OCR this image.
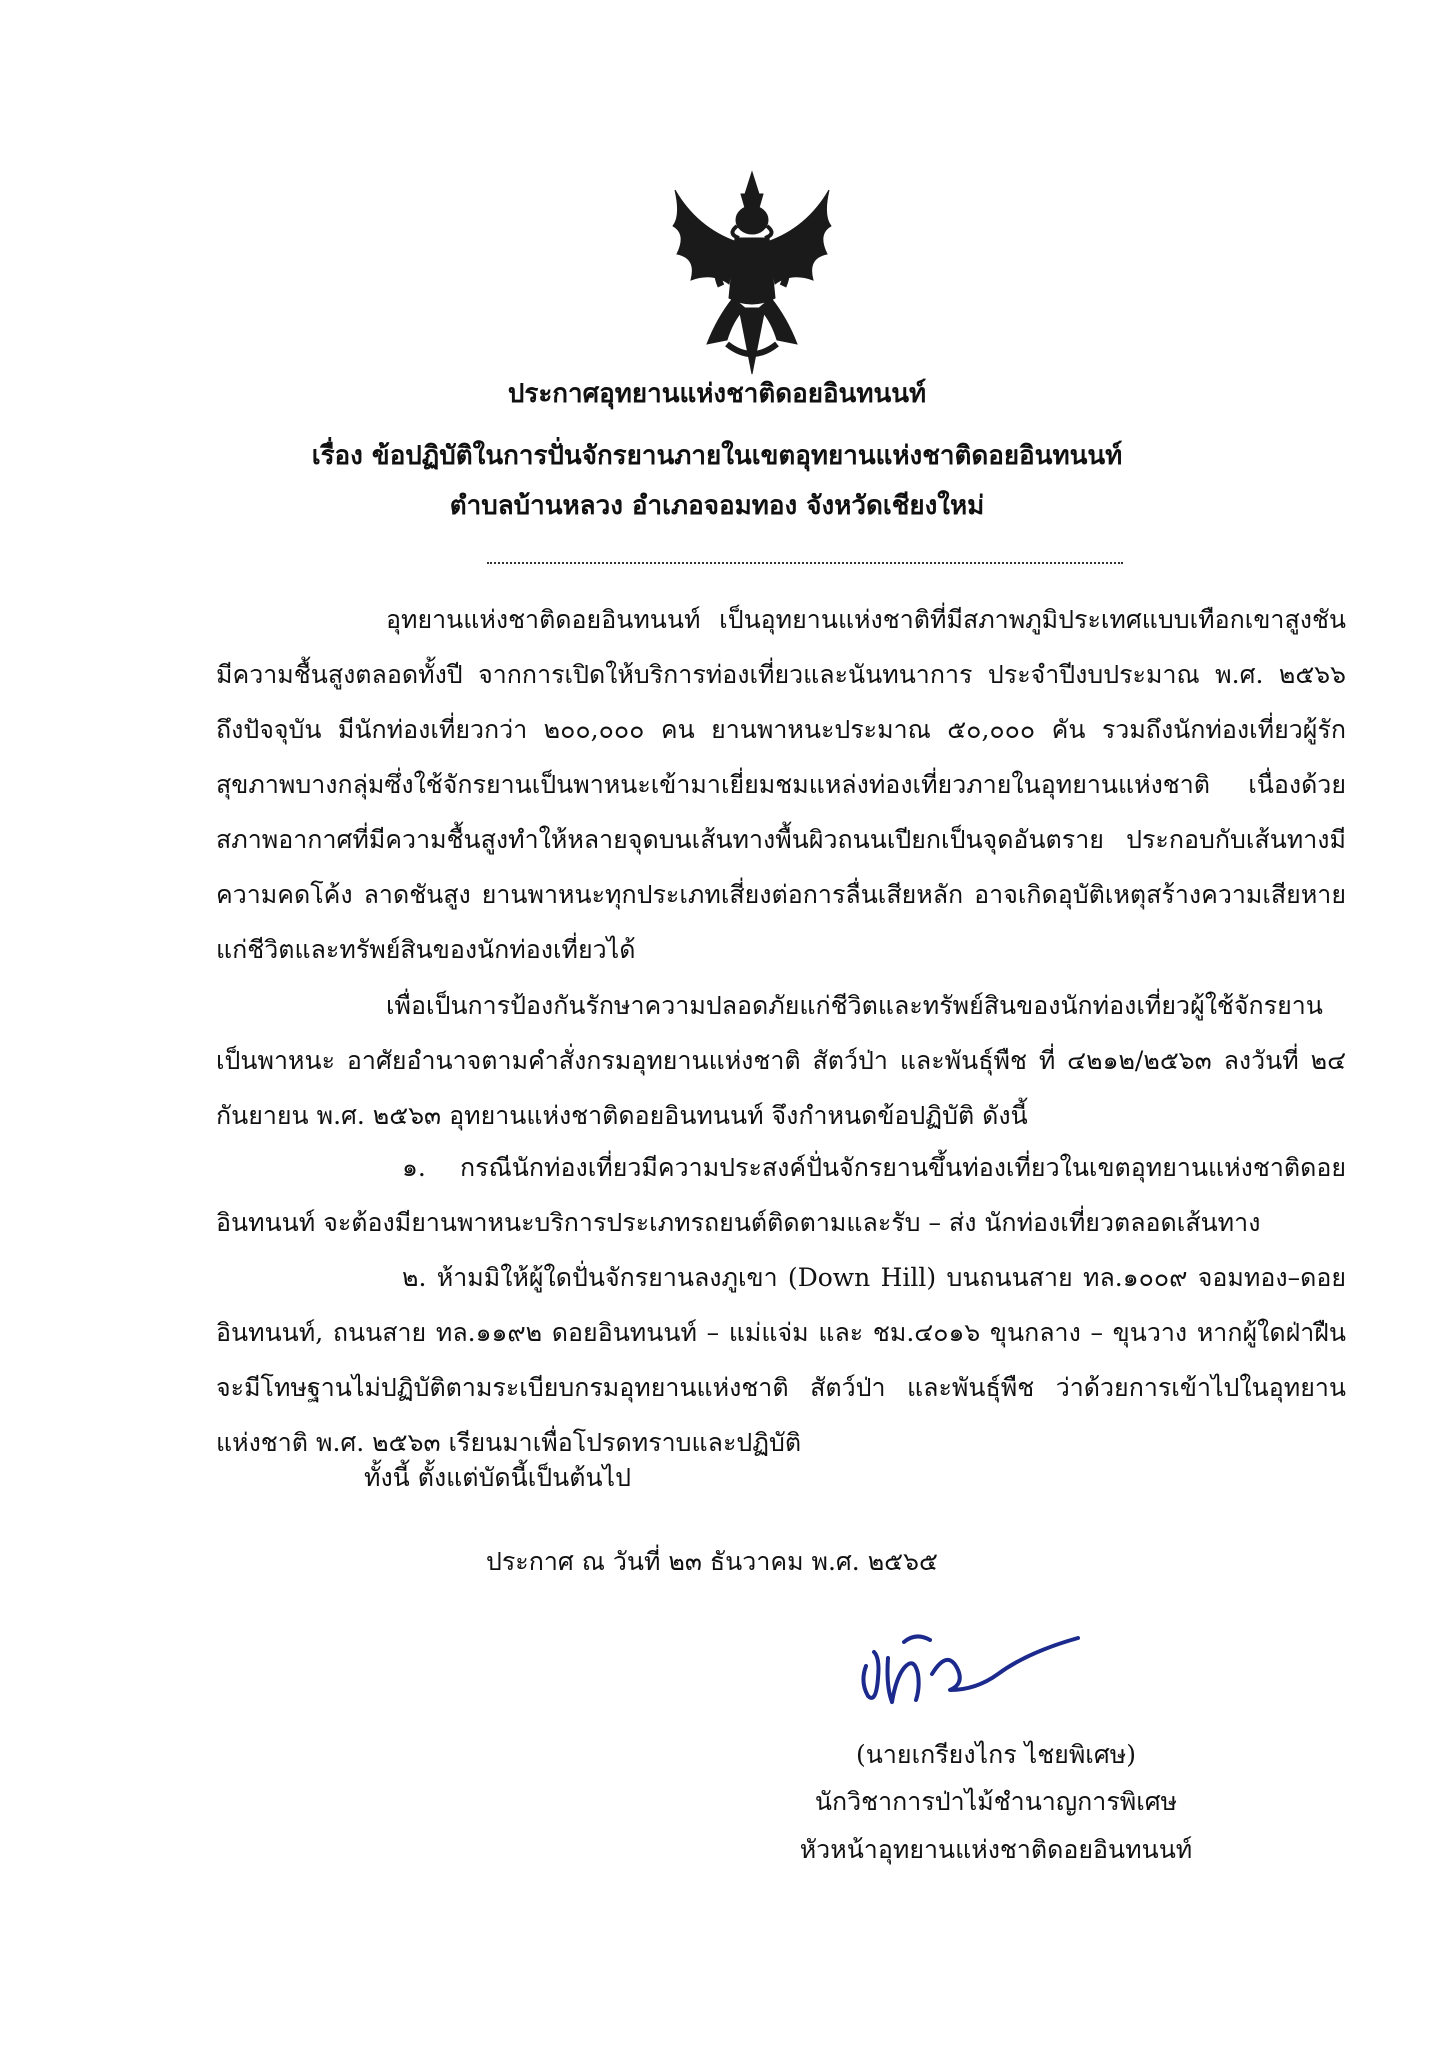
ประกาศอุทยานแห่งชาติดอยอินทนนท์
เรื่อง ข้อปฏิบัติในการปั่นจักรยานภายในเขตอุทยานแห่งชาติดอยอินทนนท์
ตำบลบ้านหลวง อำเภอจอมทอง จังหวัดเชียงใหม่

อุทยานแห่งชาติดอยอินทนนท์ เป็นอุทยานแห่งชาติที่มีสภาพภูมิประเทศแบบเทือกเขาสูงชัน มีความชื้นสูงตลอดทั้งปี จากการเปิดให้บริการท่องเที่ยวและนันทนาการ ประจำปีงบประมาณ พ.ศ. ๒๕๖๖ ถึงปัจจุบัน มีนักท่องเที่ยวกว่า ๒๐๐,๐๐๐ คน ยานพาหนะประมาณ ๕๐,๐๐๐ คัน รวมถึงนักท่องเที่ยวผู้รักสุขภาพบางกลุ่มซึ่งใช้จักรยานเป็นพาหนะเข้ามาเยี่ยมชมแหล่งท่องเที่ยวภายในอุทยานแห่งชาติ เนื่องด้วยสภาพอากาศที่มีความชื้นสูงทำให้หลายจุดบนเส้นทางพื้นผิวถนนเปียกเป็นจุดอันตราย ประกอบกับเส้นทางมีความคดโค้ง ลาดชันสูง ยานพาหนะทุกประเภทเสี่ยงต่อการลื่นเสียหลัก อาจเกิดอุบัติเหตุสร้างความเสียหายแก่ชีวิตและทรัพย์สินของนักท่องเที่ยวได้

เพื่อเป็นการป้องกันรักษาความปลอดภัยแก่ชีวิตและทรัพย์สินของนักท่องเที่ยวผู้ใช้จักรยานเป็นพาหนะ อาศัยอำนาจตามคำสั่งกรมอุทยานแห่งชาติ สัตว์ป่า และพันธุ์พืช ที่ ๔๒๑๒/๒๕๖๓ ลงวันที่ ๒๔ กันยายน พ.ศ. ๒๕๖๓ อุทยานแห่งชาติดอยอินทนนท์ จึงกำหนดข้อปฏิบัติ ดังนี้

๑. กรณีนักท่องเที่ยวมีความประสงค์ปั่นจักรยานขึ้นท่องเที่ยวในเขตอุทยานแห่งชาติดอยอินทนนท์ จะต้องมียานพาหนะบริการประเภทรถยนต์ติดตามและรับ – ส่ง นักท่องเที่ยวตลอดเส้นทาง

๒. ห้ามมิให้ผู้ใดปั่นจักรยานลงภูเขา (Down Hill) บนถนนสาย ทล.๑๐๐๙ จอมทอง–ดอยอินทนนท์, ถนนสาย ทล.๑๑๙๒ ดอยอินทนนท์ – แม่แจ่ม และ ชม.๔๐๑๖ ขุนกลาง – ขุนวาง หากผู้ใดฝ่าฝืนจะมีโทษฐานไม่ปฏิบัติตามระเบียบกรมอุทยานแห่งชาติ สัตว์ป่า และพันธุ์พืช ว่าด้วยการเข้าไปในอุทยานแห่งชาติ พ.ศ. ๒๕๖๓ เรียนมาเพื่อโปรดทราบและปฏิบัติ

ทั้งนี้ ตั้งแต่บัดนี้เป็นต้นไป
ประกาศ ณ วันที่ ๒๓ ธันวาคม พ.ศ. ๒๕๖๕
(นายเกรียงไกร ไชยพิเศษ)
นักวิชาการป่าไม้ชำนาญการพิเศษ
หัวหน้าอุทยานแห่งชาติดอยอินทนนท์
